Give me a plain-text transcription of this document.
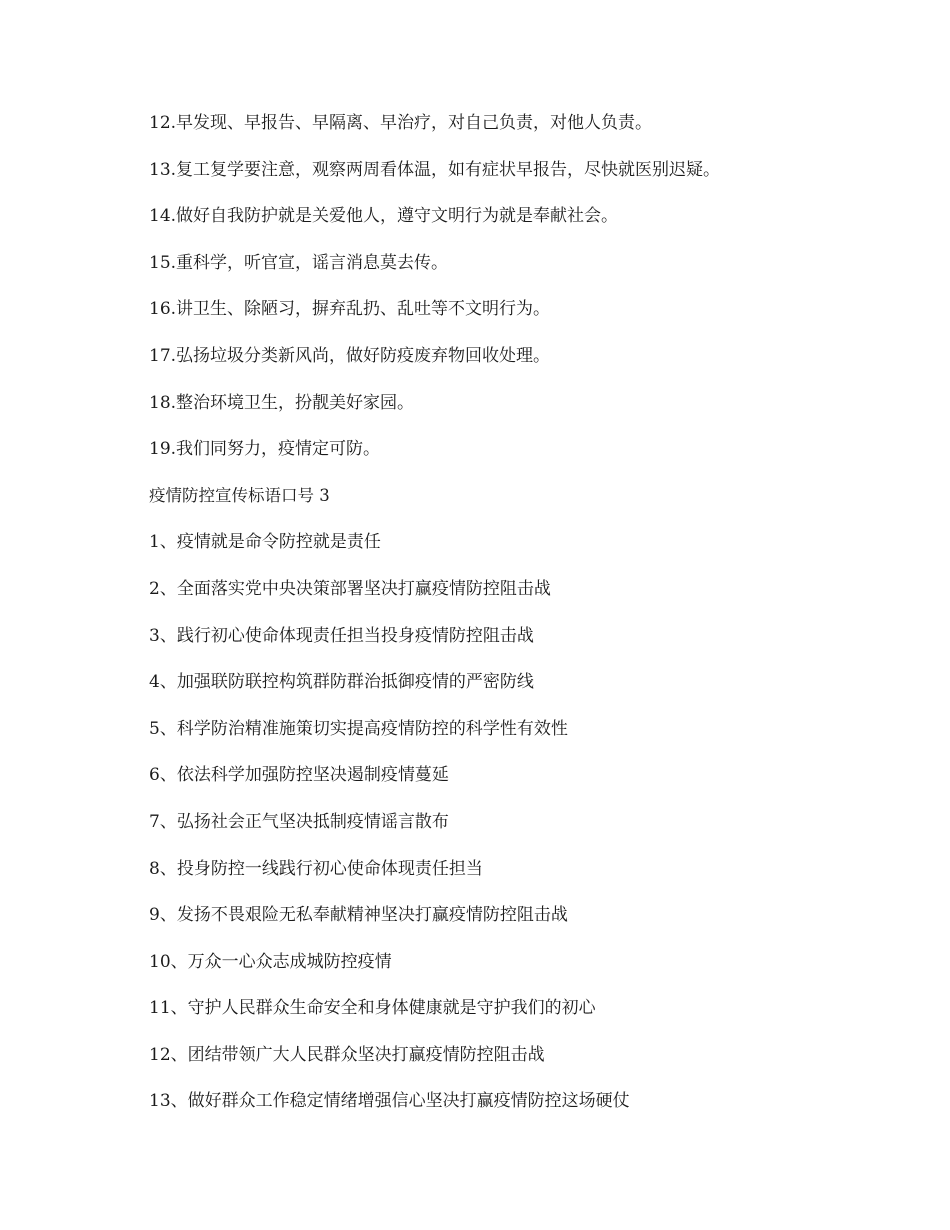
12.早发现、早报告、早隔离、早治疗，对自己负责，对他人负责。

13.复工复学要注意，观察两周看体温，如有症状早报告，尽快就医别迟疑。

14.做好自我防护就是关爱他人，遵守文明行为就是奉献社会。

15.重科学，听官宣，谣言消息莫去传。

16.讲卫生、除陋习，摒弃乱扔、乱吐等不文明行为。

17.弘扬垃圾分类新风尚，做好防疫废弃物回收处理。

18.整治环境卫生，扮靓美好家园。

19.我们同努力，疫情定可防。

疫情防控宣传标语口号 3

1、疫情就是命令防控就是责任

2、全面落实党中央决策部署坚决打赢疫情防控阻击战

3、践行初心使命体现责任担当投身疫情防控阻击战

4、加强联防联控构筑群防群治抵御疫情的严密防线

5、科学防治精准施策切实提高疫情防控的科学性有效性

6、依法科学加强防控坚决遏制疫情蔓延

7、弘扬社会正气坚决抵制疫情谣言散布

8、投身防控一线践行初心使命体现责任担当

9、发扬不畏艰险无私奉献精神坚决打赢疫情防控阻击战

10、万众一心众志成城防控疫情

11、守护人民群众生命安全和身体健康就是守护我们的初心

12、团结带领广大人民群众坚决打赢疫情防控阻击战

13、做好群众工作稳定情绪增强信心坚决打赢疫情防控这场硬仗
